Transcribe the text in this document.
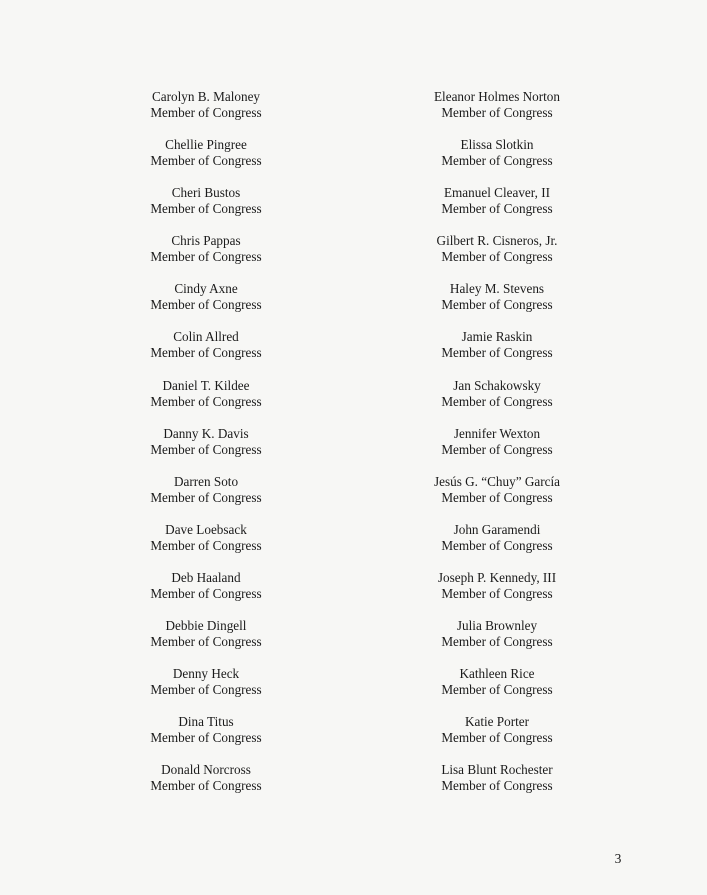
Carolyn B. Maloney
Member of Congress
Chellie Pingree
Member of Congress
Cheri Bustos
Member of Congress
Chris Pappas
Member of Congress
Cindy Axne
Member of Congress
Colin Allred
Member of Congress
Daniel T. Kildee
Member of Congress
Danny K. Davis
Member of Congress
Darren Soto
Member of Congress
Dave Loebsack
Member of Congress
Deb Haaland
Member of Congress
Debbie Dingell
Member of Congress
Denny Heck
Member of Congress
Dina Titus
Member of Congress
Donald Norcross
Member of Congress
Eleanor Holmes Norton
Member of Congress
Elissa Slotkin
Member of Congress
Emanuel Cleaver, II
Member of Congress
Gilbert R. Cisneros, Jr.
Member of Congress
Haley M. Stevens
Member of Congress
Jamie Raskin
Member of Congress
Jan Schakowsky
Member of Congress
Jennifer Wexton
Member of Congress
Jesús G. “Chuy” García
Member of Congress
John Garamendi
Member of Congress
Joseph P. Kennedy, III
Member of Congress
Julia Brownley
Member of Congress
Kathleen Rice
Member of Congress
Katie Porter
Member of Congress
Lisa Blunt Rochester
Member of Congress
3
